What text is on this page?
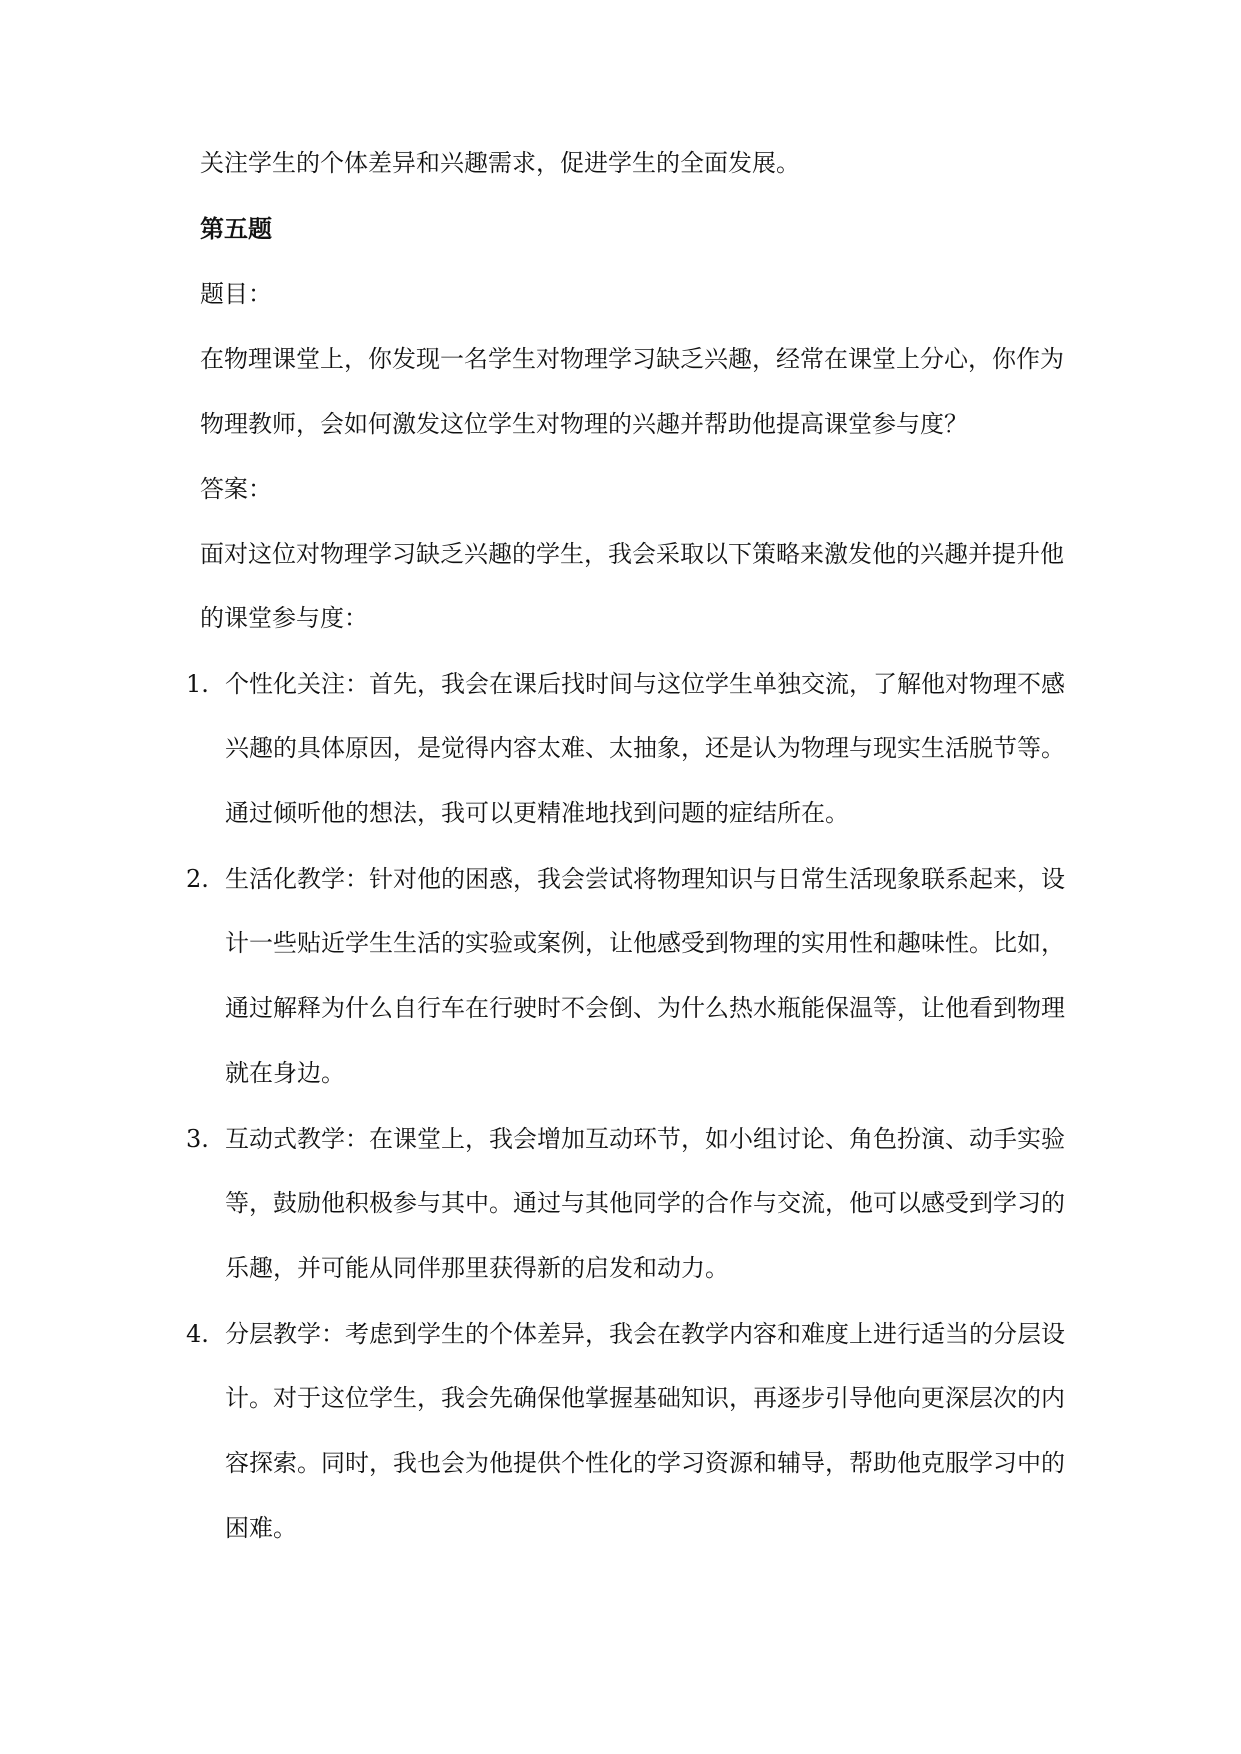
关注学生的个体差异和兴趣需求，促进学生的全面发展。
第五题
题目：
在物理课堂上，你发现一名学生对物理学习缺乏兴趣，经常在课堂上分心，你作为
物理教师，会如何激发这位学生对物理的兴趣并帮助他提高课堂参与度？
答案：
面对这位对物理学习缺乏兴趣的学生，我会采取以下策略来激发他的兴趣并提升他
的课堂参与度：
1. 个性化关注：首先，我会在课后找时间与这位学生单独交流，了解他对物理不感
兴趣的具体原因，是觉得内容太难、太抽象，还是认为物理与现实生活脱节等。
通过倾听他的想法，我可以更精准地找到问题的症结所在。
2. 生活化教学：针对他的困惑，我会尝试将物理知识与日常生活现象联系起来，设
计一些贴近学生生活的实验或案例，让他感受到物理的实用性和趣味性。比如，
通过解释为什么自行车在行驶时不会倒、为什么热水瓶能保温等，让他看到物理
就在身边。
3. 互动式教学：在课堂上，我会增加互动环节，如小组讨论、角色扮演、动手实验
等，鼓励他积极参与其中。通过与其他同学的合作与交流，他可以感受到学习的
乐趣，并可能从同伴那里获得新的启发和动力。
4. 分层教学：考虑到学生的个体差异，我会在教学内容和难度上进行适当的分层设
计。对于这位学生，我会先确保他掌握基础知识，再逐步引导他向更深层次的内
容探索。同时，我也会为他提供个性化的学习资源和辅导，帮助他克服学习中的
困难。
